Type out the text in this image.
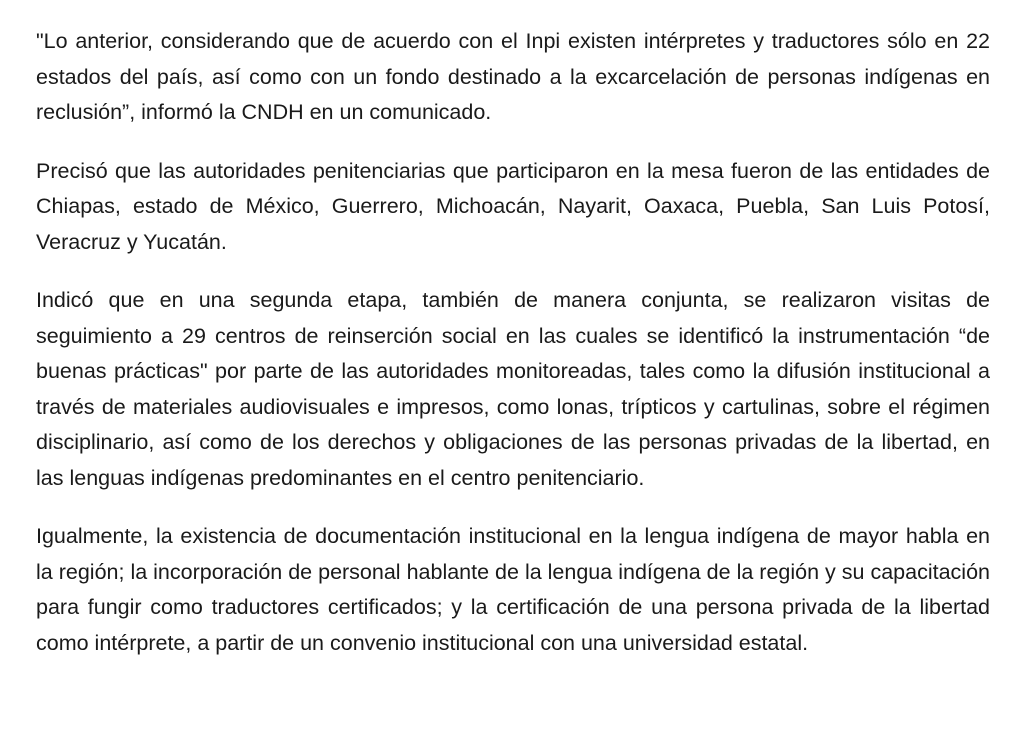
"Lo anterior, considerando que de acuerdo con el Inpi existen intérpretes y traductores sólo en 22 estados del país, así como con un fondo destinado a la excarcelación de personas indígenas en reclusión”, informó la CNDH en un comunicado.

Precisó que las autoridades penitenciarias que participaron en la mesa fueron de las entidades de Chiapas, estado de México, Guerrero, Michoacán, Nayarit, Oaxaca, Puebla, San Luis Potosí, Veracruz y Yucatán.

Indicó que en una segunda etapa, también de manera conjunta, se realizaron visitas de seguimiento a 29 centros de reinserción social en las cuales se identificó la instrumentación “de buenas prácticas" por parte de las autoridades monitoreadas, tales como la difusión institucional a través de materiales audiovisuales e impresos, como lonas, trípticos y cartulinas, sobre el régimen disciplinario, así como de los derechos y obligaciones de las personas privadas de la libertad, en las lenguas indígenas predominantes en el centro penitenciario.

Igualmente, la existencia de documentación institucional en la lengua indígena de mayor habla en la región; la incorporación de personal hablante de la lengua indígena de la región y su capacitación para fungir como traductores certificados; y la certificación de una persona privada de la libertad como intérprete, a partir de un convenio institucional con una universidad estatal.
